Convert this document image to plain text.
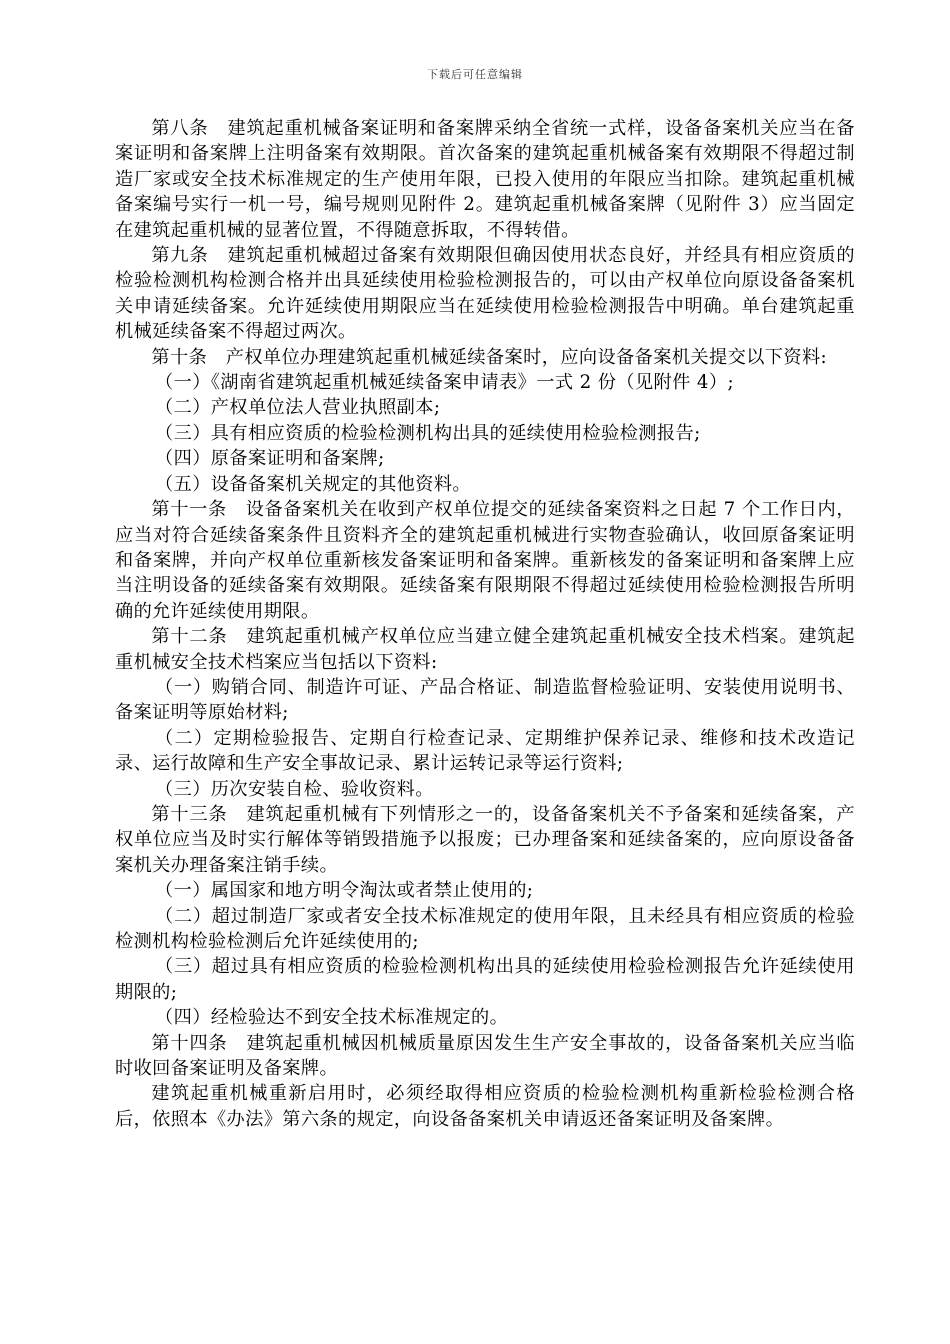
下载后可任意编辑

第八条　建筑起重机械备案证明和备案牌采纳全省统一式样，设备备案机关应当在备案证明和备案牌上注明备案有效期限。首次备案的建筑起重机械备案有效期限不得超过制造厂家或安全技术标准规定的生产使用年限，已投入使用的年限应当扣除。建筑起重机械备案编号实行一机一号，编号规则见附件 2。建筑起重机械备案牌（见附件 3）应当固定在建筑起重机械的显著位置，不得随意拆取，不得转借。

第九条　建筑起重机械超过备案有效期限但确因使用状态良好，并经具有相应资质的检验检测机构检测合格并出具延续使用检验检测报告的，可以由产权单位向原设备备案机关申请延续备案。允许延续使用期限应当在延续使用检验检测报告中明确。单台建筑起重机械延续备案不得超过两次。

第十条　产权单位办理建筑起重机械延续备案时，应向设备备案机关提交以下资料:

（一）《湖南省建筑起重机械延续备案申请表》一式 2 份（见附件 4）;

（二）产权单位法人营业执照副本;

（三）具有相应资质的检验检测机构出具的延续使用检验检测报告;

（四）原备案证明和备案牌;

（五）设备备案机关规定的其他资料。

第十一条　设备备案机关在收到产权单位提交的延续备案资料之日起 7 个工作日内，应当对符合延续备案条件且资料齐全的建筑起重机械进行实物查验确认，收回原备案证明和备案牌，并向产权单位重新核发备案证明和备案牌。重新核发的备案证明和备案牌上应当注明设备的延续备案有效期限。延续备案有限期限不得超过延续使用检验检测报告所明确的允许延续使用期限。

第十二条　建筑起重机械产权单位应当建立健全建筑起重机械安全技术档案。建筑起重机械安全技术档案应当包括以下资料:

（一）购销合同、制造许可证、产品合格证、制造监督检验证明、安装使用说明书、备案证明等原始材料;

（二）定期检验报告、定期自行检查记录、定期维护保养记录、维修和技术改造记录、运行故障和生产安全事故记录、累计运转记录等运行资料;

（三）历次安装自检、验收资料。

第十三条　建筑起重机械有下列情形之一的，设备备案机关不予备案和延续备案，产权单位应当及时实行解体等销毁措施予以报废；已办理备案和延续备案的，应向原设备备案机关办理备案注销手续。

（一）属国家和地方明令淘汰或者禁止使用的;

（二）超过制造厂家或者安全技术标准规定的使用年限，且未经具有相应资质的检验检测机构检验检测后允许延续使用的;

（三）超过具有相应资质的检验检测机构出具的延续使用检验检测报告允许延续使用期限的;

（四）经检验达不到安全技术标准规定的。

第十四条　建筑起重机械因机械质量原因发生生产安全事故的，设备备案机关应当临时收回备案证明及备案牌。

建筑起重机械重新启用时，必须经取得相应资质的检验检测机构重新检验检测合格后，依照本《办法》第六条的规定，向设备备案机关申请返还备案证明及备案牌。
